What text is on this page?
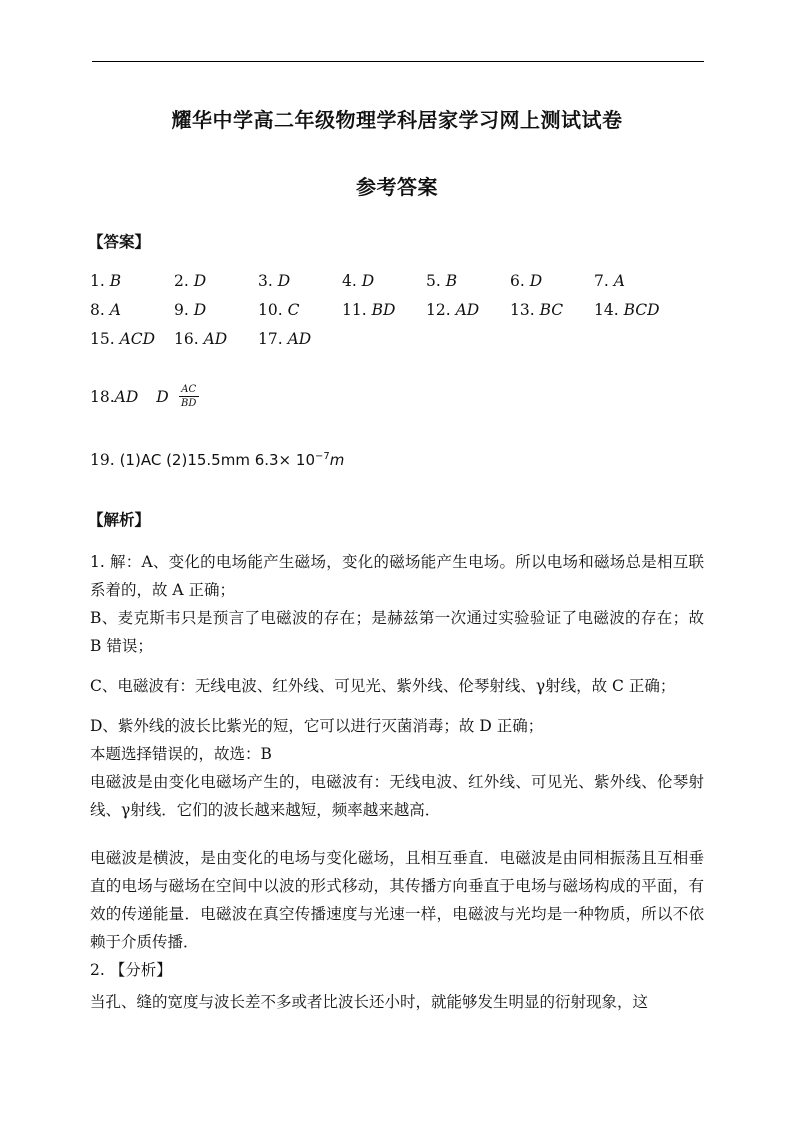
耀华中学高二年级物理学科居家学习网上测试试卷
参考答案
【答案】
1. B	2. D	3. D	4. D	5. B	6. D	7. A
8. A	9. D	10. C	11. BD 12. AD 13. BC 14. BCD
15. ACD 16. AD 17. AD
18. AD D $\frac{AC}{BD}$
19. (1)AC (2)15.5mm $6.3\times 10^{-7}m$
【解析】
1. 解：A、变化的电场能产生磁场，变化的磁场能产生电场。所以电场和磁场总是相互联系着的，故 A 正确；
B、麦克斯韦只是预言了电磁波的存在；是赫兹第一次通过实验验证了电磁波的存在；故 B 错误；
C、电磁波有：无线电波、红外线、可见光、紫外线、伦琴射线、γ射线，故 C 正确；
D、紫外线的波长比紫光的短，它可以进行灭菌消毒；故 D 正确；
本题选择错误的，故选：B
电磁波是由变化电磁场产生的，电磁波有：无线电波、红外线、可见光、紫外线、伦琴射线、γ射线．它们的波长越来越短，频率越来越高．
电磁波是横波，是由变化的电场与变化磁场，且相互垂直．电磁波是由同相振荡且互相垂直的电场与磁场在空间中以波的形式移动，其传播方向垂直于电场与磁场构成的平面，有效的传递能量．电磁波在真空传播速度与光速一样，电磁波与光均是一种物质，所以不依赖于介质传播．
2. 【分析】
当孔、缝的宽度与波长差不多或者比波长还小时，就能够发生明显的衍射现象，这
